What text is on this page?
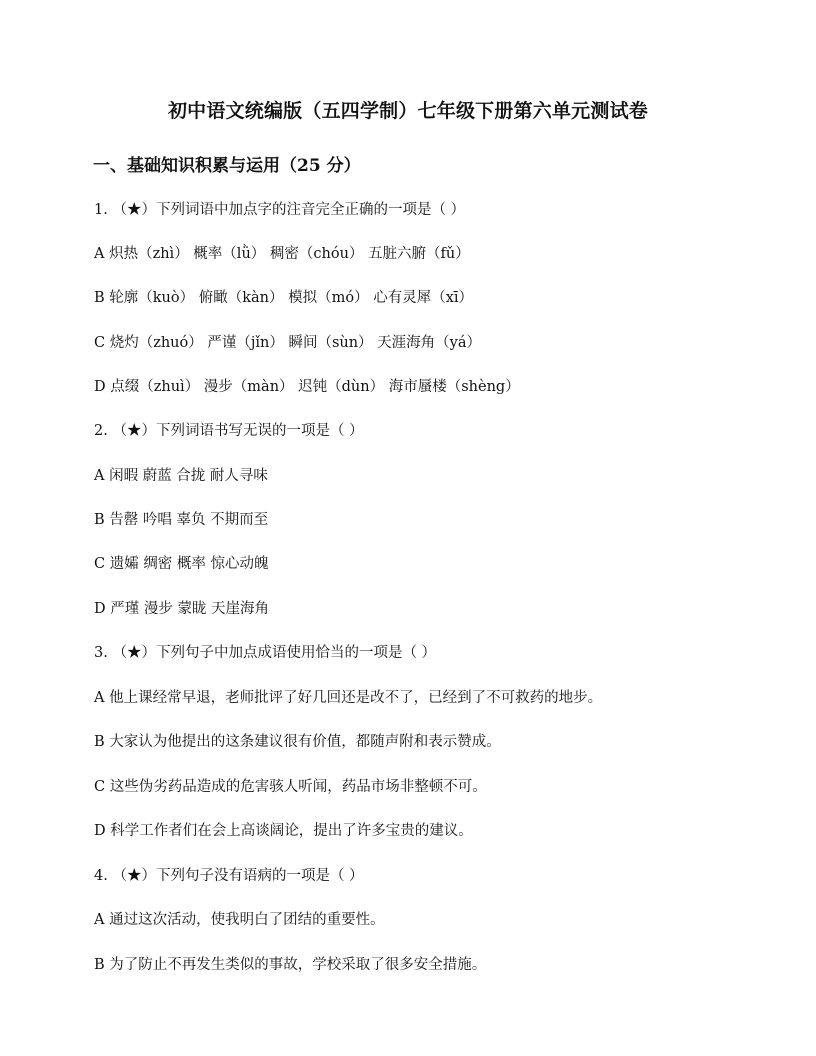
初中语文统编版（五四学制）七年级下册第六单元测试卷
一、基础知识积累与运用（25 分）
1. （★）下列词语中加点字的注音完全正确的一项是（ ）
A 炽热（zhì） 概率（lǜ） 稠密（chóu） 五脏六腑（fǔ）
B 轮廓（kuò） 俯瞰（kàn） 模拟（mó） 心有灵犀（xī）
C 烧灼（zhuó） 严谨（jǐn） 瞬间（sùn） 天涯海角（yá）
D 点缀（zhuì） 漫步（màn） 迟钝（dùn） 海市蜃楼（shèng）
2. （★）下列词语书写无误的一项是（ ）
A 闲暇 蔚蓝 合拢 耐人寻味
B 告罄 吟唱 辜负 不期而至
C 遗孀 绸密 概率 惊心动魄
D 严瑾 漫步 蒙眬 天崖海角
3. （★）下列句子中加点成语使用恰当的一项是（ ）
A 他上课经常早退，老师批评了好几回还是改不了，已经到了不可救药的地步。
B 大家认为他提出的这条建议很有价值，都随声附和表示赞成。
C 这些伪劣药品造成的危害骇人听闻，药品市场非整顿不可。
D 科学工作者们在会上高谈阔论，提出了许多宝贵的建议。
4. （★）下列句子没有语病的一项是（ ）
A 通过这次活动，使我明白了团结的重要性。
B 为了防止不再发生类似的事故，学校采取了很多安全措施。
